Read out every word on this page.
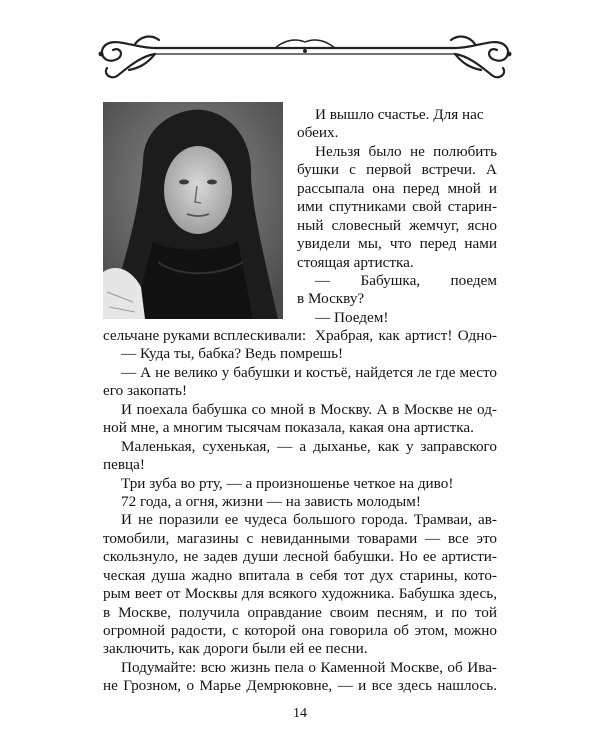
И вышло счастье. Для нас
обеих.
Нельзя было не полюбить
бушки с первой встречи. А
рассыпала она перед мной и
ими спутниками свой старин-
ный словесный жемчуг, ясно
увидели мы, что перед нами
стоящая артистка.
— Бабушка, поедем
в Москву?
— Поедем!
Храбрая, как артист! Одно-
сельчане руками всплескивали:
— Куда ты, бабка? Ведь помрешь!
— А не велико у бабушки и костьё, найдется ле где место
его закопать!
И поехала бабушка со мной в Москву. А в Москве не од-
ной мне, а многим тысячам показала, какая она артистка.
Маленькая, сухенькая, — а дыханье, как у заправского
певца!
Три зуба во рту, — а произношенье четкое на диво!
72 года, а огня, жизни — на зависть молодым!
И не поразили ее чудеса большого города. Трамваи, ав-
томобили, магазины с невиданными товарами — все это
скользнуло, не задев души лесной бабушки. Но ее артисти-
ческая душа жадно впитала в себя тот дух старины, кото-
рым веет от Москвы для всякого художника. Бабушка здесь,
в Москве, получила оправдание своим песням, и по той
огромной радости, с которой она говорила об этом, можно
заключить, как дороги были ей ее песни.
Подумайте: всю жизнь пела о Каменной Москве, об Ива-
не Грозном, о Марье Демрюковне, — и все здесь нашлось.
14
